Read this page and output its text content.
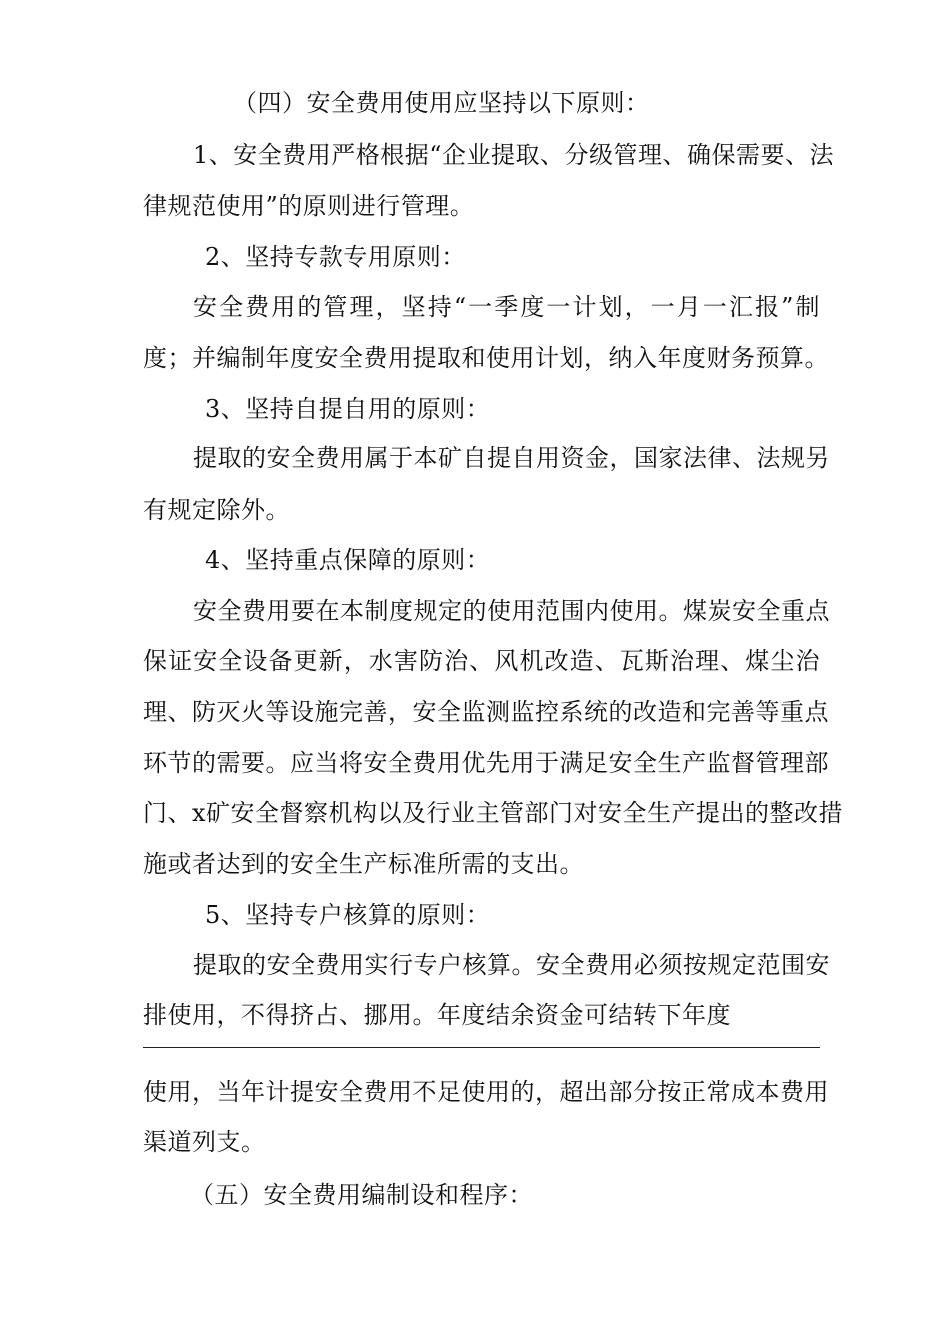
（四）安全费用使用应坚持以下原则：
1、安全费用严格根据“企业提取、分级管理、确保需要、法
律规范使用”的原则进行管理。
2、坚持专款专用原则：
安全费用的管理，坚持“一季度一计划，一月一汇报”制
度；并编制年度安全费用提取和使用计划，纳入年度财务预算。
3、坚持自提自用的原则：
提取的安全费用属于本矿自提自用资金，国家法律、法规另
有规定除外。
4、坚持重点保障的原则：
安全费用要在本制度规定的使用范围内使用。煤炭安全重点
保证安全设备更新，水害防治、风机改造、瓦斯治理、煤尘治
理、防灭火等设施完善，安全监测监控系统的改造和完善等重点
环节的需要。应当将安全费用优先用于满足安全生产监督管理部
门、x矿安全督察机构以及行业主管部门对安全生产提出的整改措
施或者达到的安全生产标准所需的支出。
5、坚持专户核算的原则：
提取的安全费用实行专户核算。安全费用必须按规定范围安
排使用，不得挤占、挪用。年度结余资金可结转下年度
使用，当年计提安全费用不足使用的，超出部分按正常成本费用
渠道列支。
（五）安全费用编制设和程序：
